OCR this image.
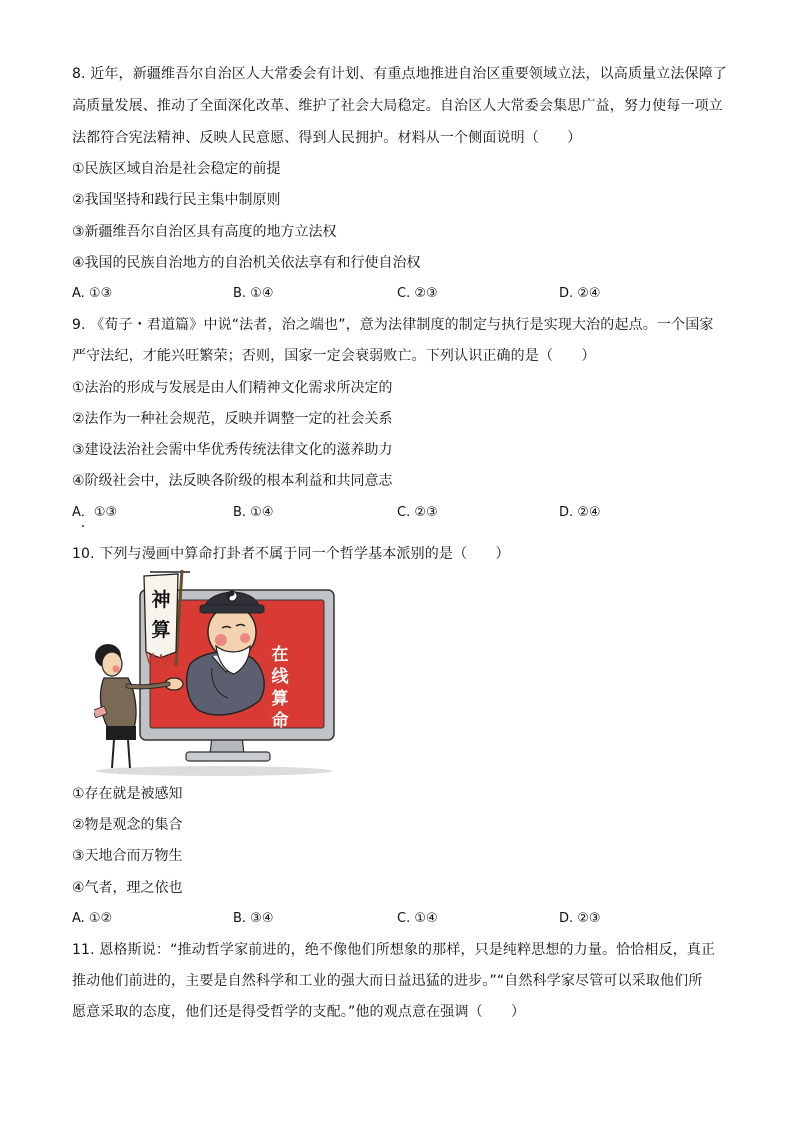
8. 近年，新疆维吾尔自治区人大常委会有计划、有重点地推进自治区重要领域立法，以高质量立法保障了
高质量发展、推动了全面深化改革、维护了社会大局稳定。自治区人大常委会集思广益，努力使每一项立
法都符合宪法精神、反映人民意愿、得到人民拥护。材料从一个侧面说明（　　）
①民族区域自治是社会稳定的前提
②我国坚持和践行民主集中制原则
③新疆维吾尔自治区具有高度的地方立法权
④我国的民族自治地方的自治机关依法享有和行使自治权
A. ①③	B. ①④	C. ②③	D. ②④
9. 《荀子・君道篇》中说“法者，治之端也”，意为法律制度的制定与执行是实现大治的起点。一个国家
严守法纪，才能兴旺繁荣；否则，国家一定会衰弱败亡。下列认识正确的是（　　）
①法治的形成与发展是由人们精神文化需求所决定的
②法作为一种社会规范，反映并调整一定的社会关系
③建设法治社会需中华优秀传统法律文化的滋养助力
④阶级社会中，法反映各阶级的根本利益和共同意志
A．①③	B. ①④	C. ②③	D. ②④
10. 下列与漫画中算命打卦者不属于同一个哲学基本派别的是（　　）
在
线
算
命
神
算
①存在就是被感知
②物是观念的集合
③天地合而万物生
④气者，理之依也
A. ①②	B. ③④	C. ①④	D. ②③
11. 恩格斯说：“推动哲学家前进的，绝不像他们所想象的那样，只是纯粹思想的力量。恰恰相反，真正
推动他们前进的，主要是自然科学和工业的强大而日益迅猛的进步。”“自然科学家尽管可以采取他们所
愿意采取的态度，他们还是得受哲学的支配。”他的观点意在强调（　　）
